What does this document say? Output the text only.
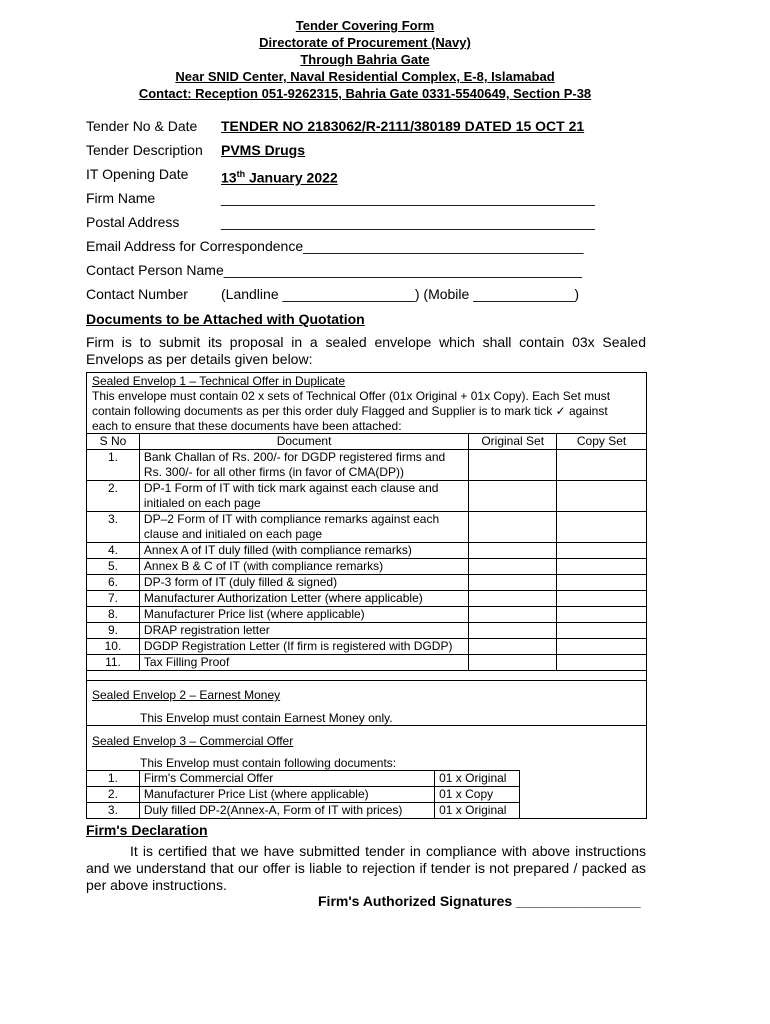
Tender Covering Form
Directorate of Procurement (Navy)
Through Bahria Gate
Near SNID Center, Naval Residential Complex, E-8, Islamabad
Contact: Reception 051-9262315, Bahria Gate 0331-5540649, Section P-38
Tender No & Date TENDER NO 2183062/R-2111/380189 DATED 15 OCT 21
Tender Description PVMS Drugs
IT Opening Date 13th January 2022
Firm Name	________________________________________________
Postal Address	________________________________________________
Email Address for Correspondence____________________________________
Contact Person Name______________________________________________
Contact Number (Landline _________________) (Mobile _____________)
Documents to be Attached with Quotation
Firm is to submit its proposal in a sealed envelope which shall contain 03x Sealed Envelops as per details given below:
Sealed Envelop 1 – Technical Offer in Duplicate
This envelope must contain 02 x sets of Technical Offer (01x Original + 01x Copy). Each Set must
contain following documents as per this order duly Flagged and Supplier is to mark tick ✓ against
each to ensure that these documents have been attached:
S No	Document	Original Set	Copy Set
1.	Bank Challan of Rs. 200/- for DGDP registered firms and Rs. 300/- for all other firms (in favor of CMA(DP))		
2.	DP-1 Form of IT with tick mark against each clause and initialed on each page		
3.	DP–2 Form of IT with compliance remarks against each clause and initialed on each page		
4.	Annex A of IT duly filled (with compliance remarks)		
5.	Annex B & C of IT (with compliance remarks)		
6.	DP-3 form of IT (duly filled & signed)		
7.	Manufacturer Authorization Letter (where applicable)		
8.	Manufacturer Price list (where applicable)		
9.	DRAP registration letter		
10.	DGDP Registration Letter (If firm is registered with DGDP)		
11.	Tax Filling Proof		
Sealed Envelop 2 – Earnest Money
This Envelop must contain Earnest Money only.
Sealed Envelop 3 – Commercial Offer
This Envelop must contain following documents:
1.	Firm's Commercial Offer	01 x Original
2.	Manufacturer Price List (where applicable)	01 x Copy
3.	Duly filled DP-2(Annex-A, Form of IT with prices)	01 x Original
Firm's Declaration
It is certified that we have submitted tender in compliance with above instructions and we understand that our offer is liable to rejection if tender is not prepared / packed as per above instructions.
Firm's Authorized Signatures ________________
